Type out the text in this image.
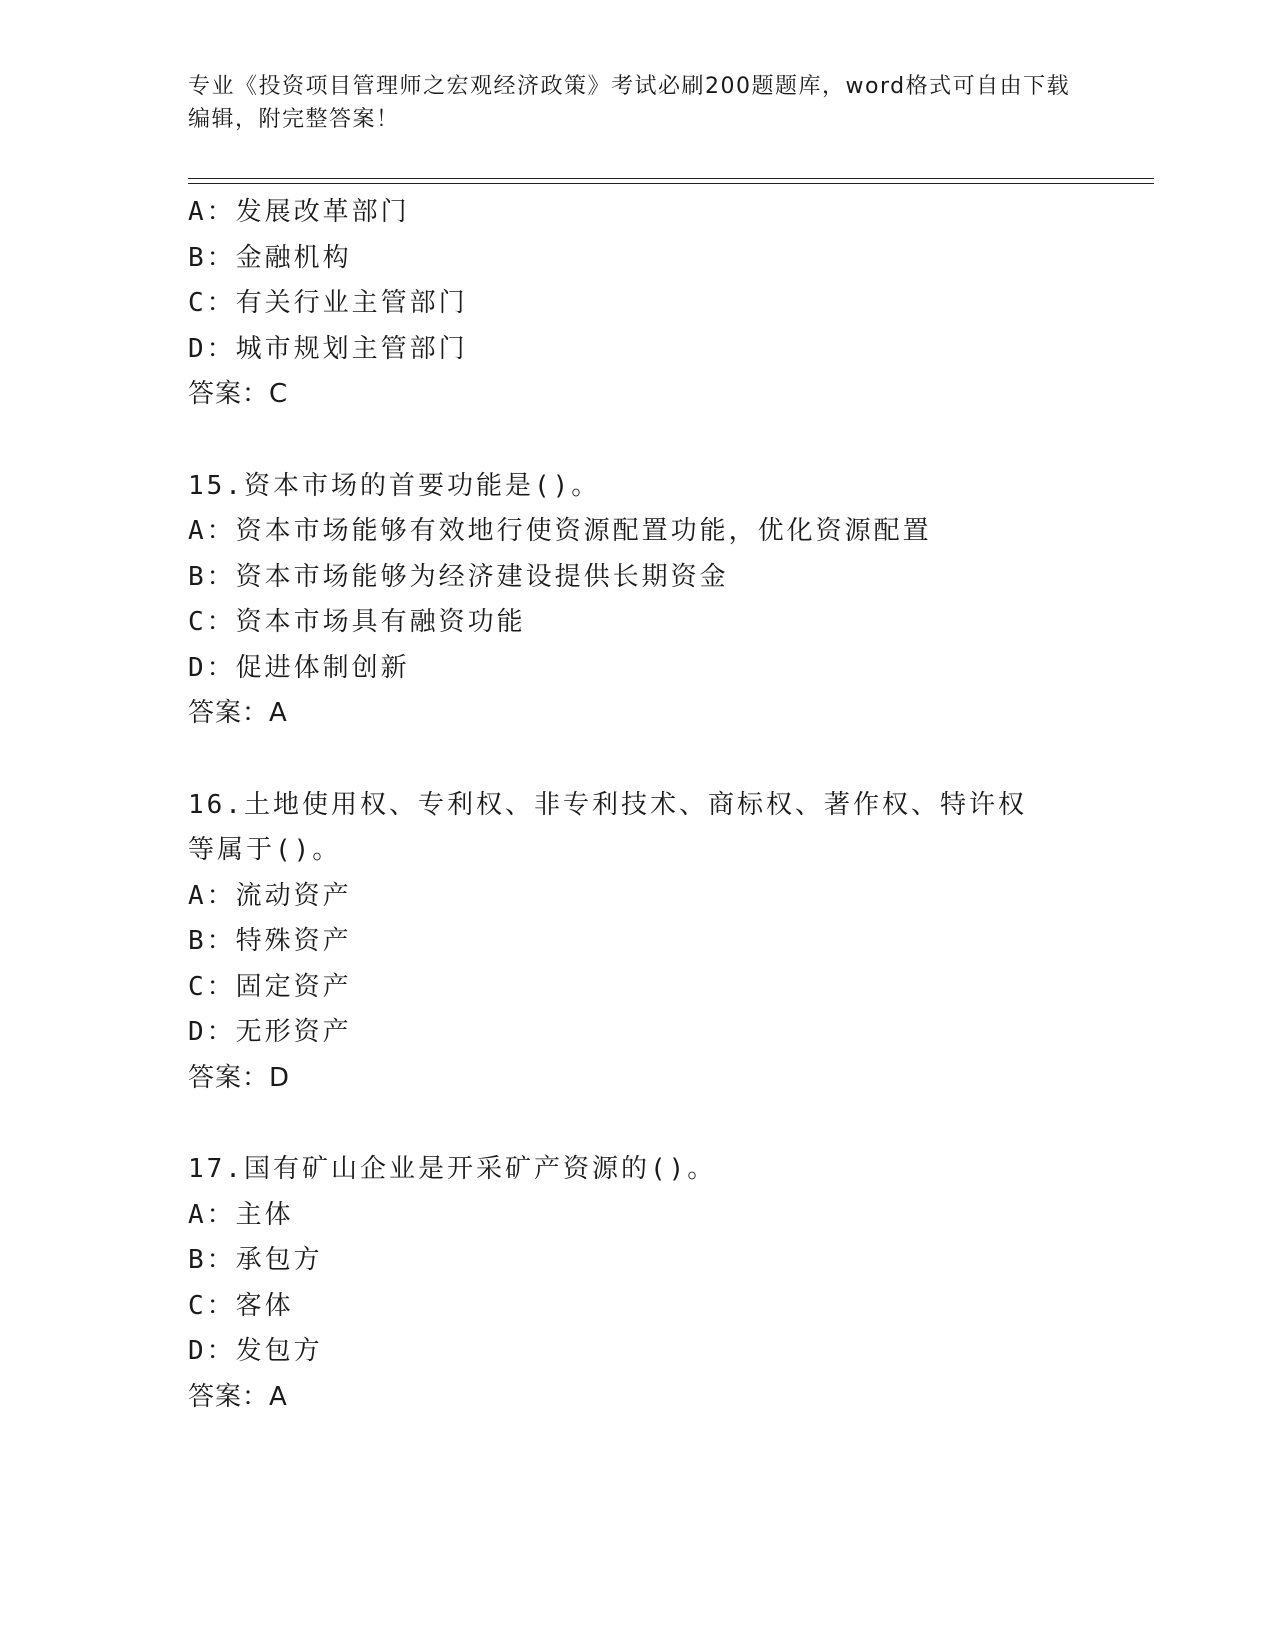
专业《投资项目管理师之宏观经济政策》考试必刷200题题库，word格式可自由下载编辑，附完整答案！
A：发展改革部门
B：金融机构
C：有关行业主管部门
D：城市规划主管部门
答案：C
15.资本市场的首要功能是()。
A：资本市场能够有效地行使资源配置功能，优化资源配置
B：资本市场能够为经济建设提供长期资金
C：资本市场具有融资功能
D：促进体制创新
答案：A
16.土地使用权、专利权、非专利技术、商标权、著作权、特许权等属于()。
A：流动资产
B：特殊资产
C：固定资产
D：无形资产
答案：D
17.国有矿山企业是开采矿产资源的()。
A：主体
B：承包方
C：客体
D：发包方
答案：A
